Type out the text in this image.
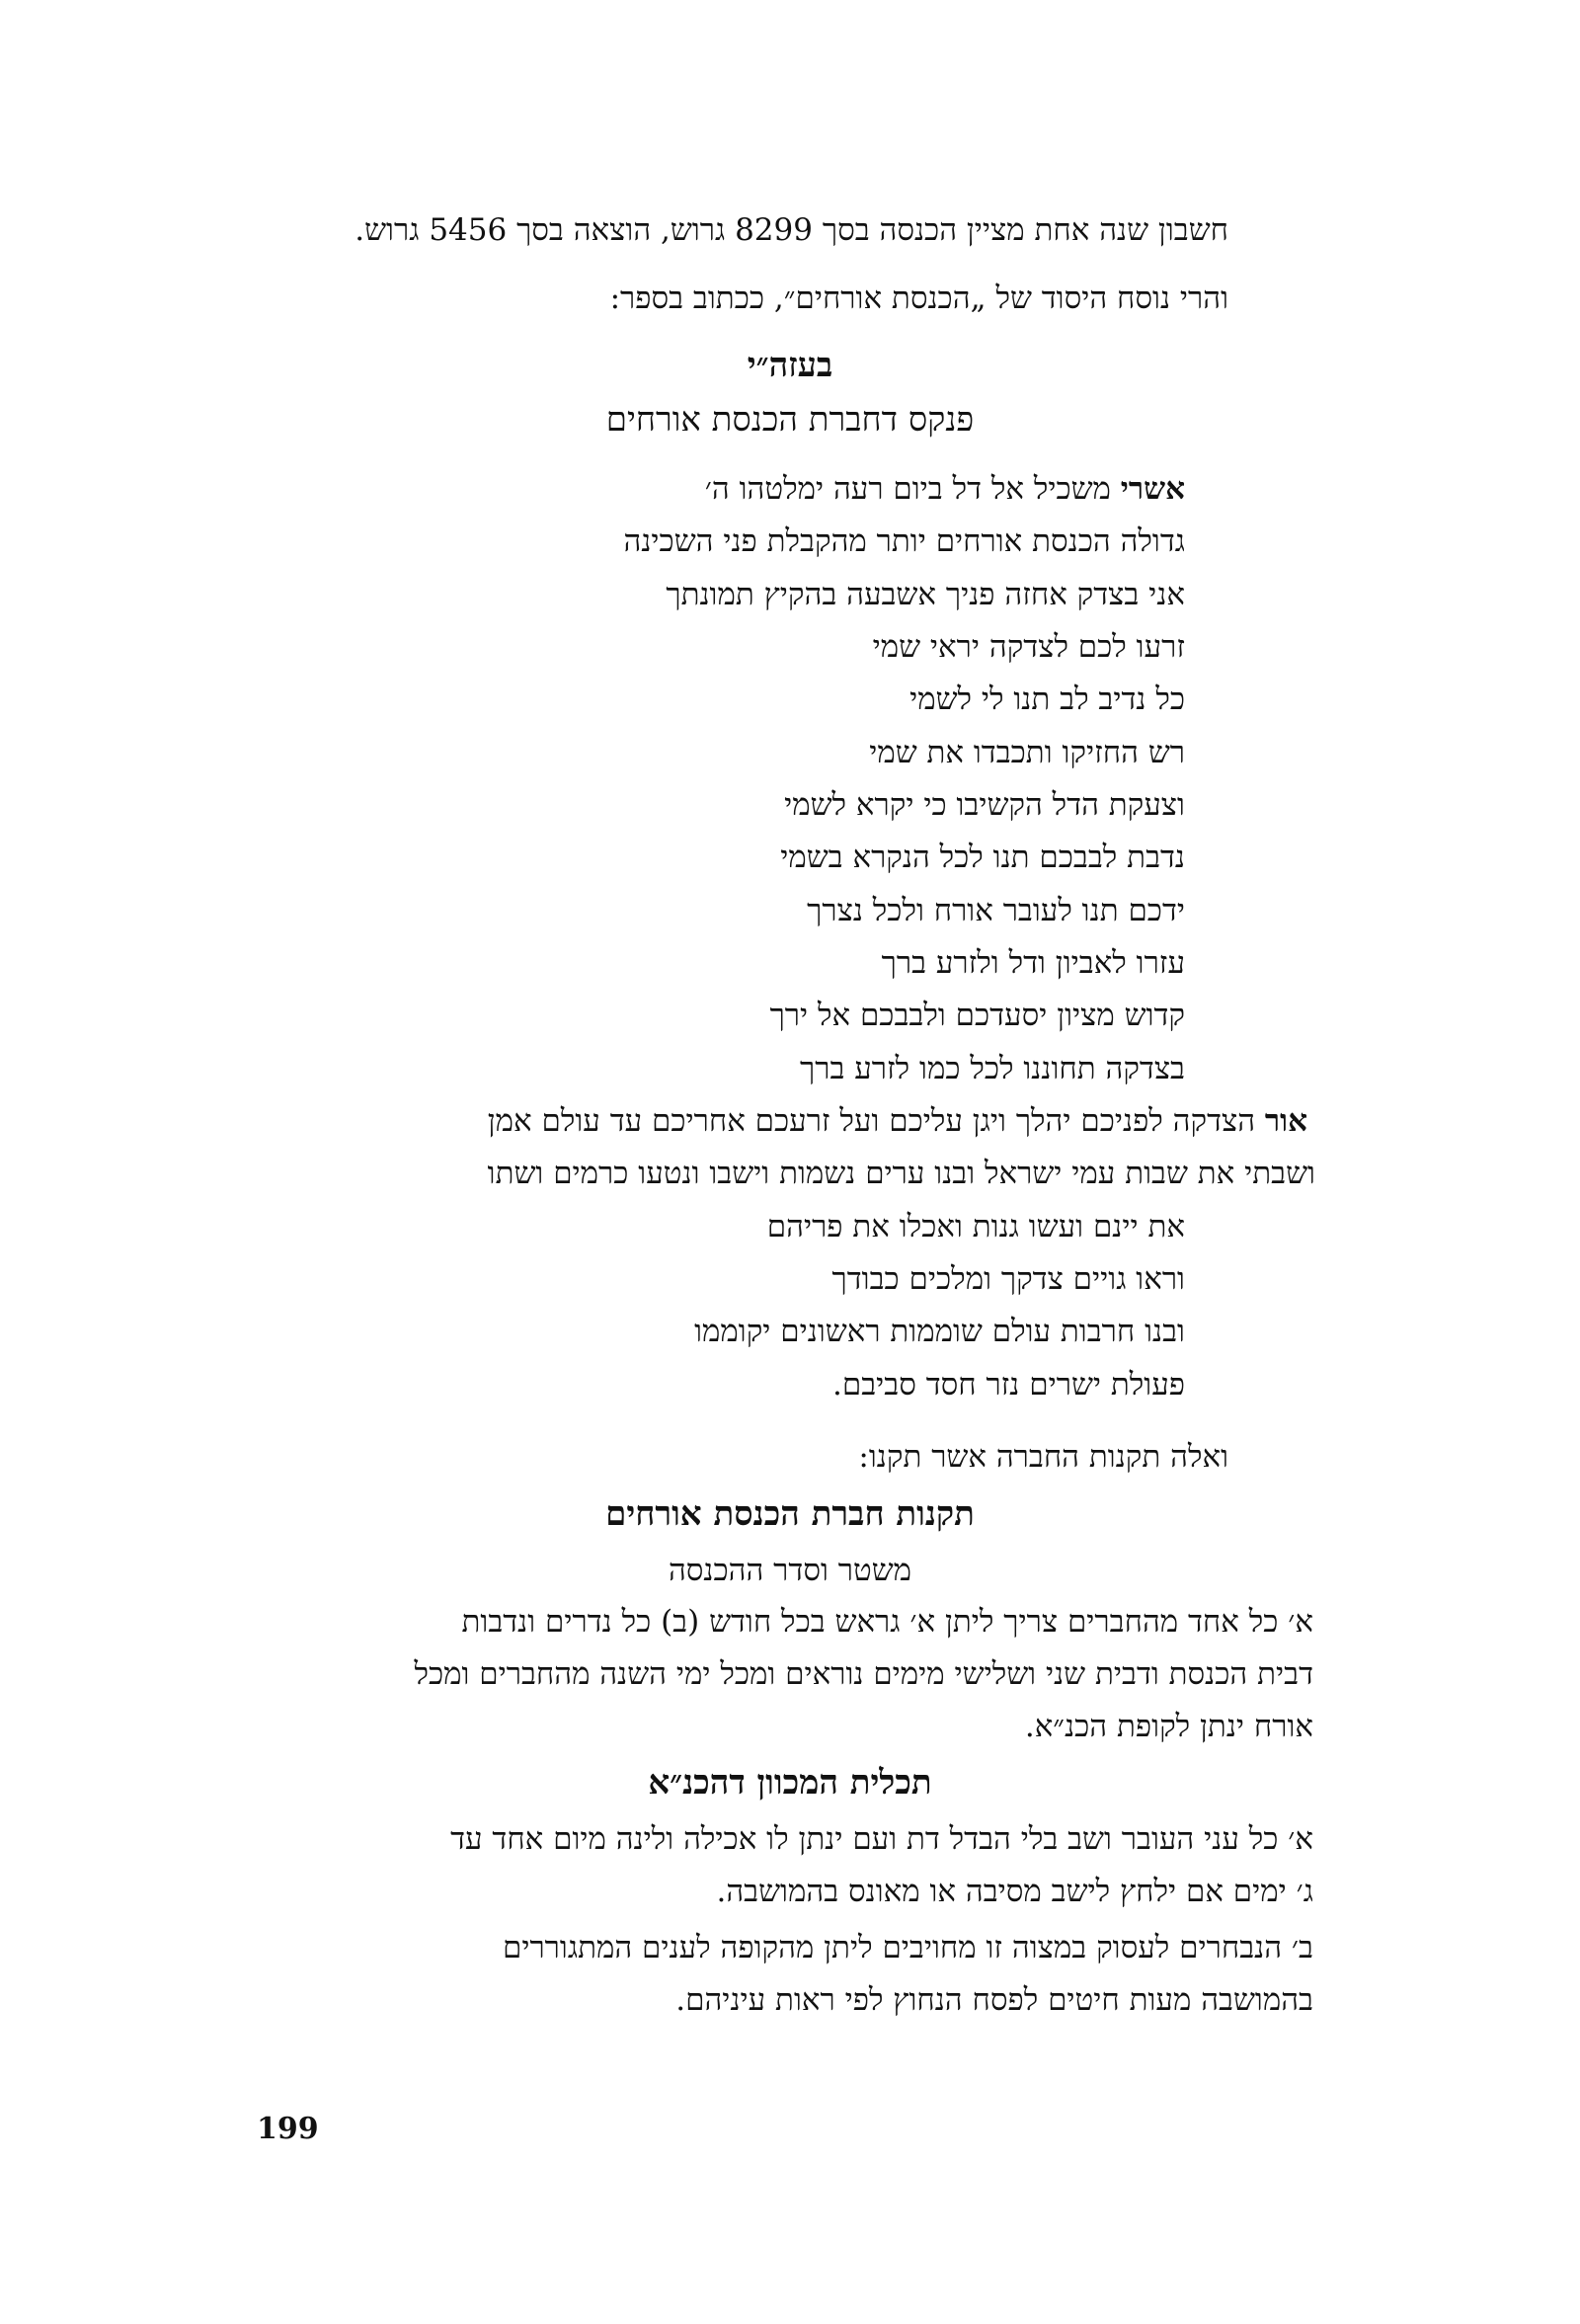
חשבון שנה אחת מציין הכנסה בסך 8299 גרוש, הוצאה בסך 5456 גרוש.
והרי נוסח היסוד של „הכנסת אורחים״, ככתוב בספר:
בעזה״י
פנקס דחברת הכנסת אורחים
אשרי משכיל אל דל ביום רעה ימלטהו ה׳
גדולה הכנסת אורחים יותר מהקבלת פני השכינה
אני בצדק אחזה פניך אשבעה בהקיץ תמונתך
זרעו לכם לצדקה יראי שמי
כל נדיב לב תנו לי לשמי
רש החזיקו ותכבדו את שמי
וצעקת הדל הקשיבו כי יקרא לשמי
נדבת לבבכם תנו לכל הנקרא בשמי
ידכם תנו לעובר אורח ולכל נצרך
עזרו לאביון ודל ולזרע ברך
קדוש מציון יסעדכם ולבבכם אל ירך
בצדקה תחוננו לכל כמו לזרע ברך
אור הצדקה לפניכם יהלך ויגן עליכם ועל זרעכם אחריכם עד עולם אמן
ושבתי את שבות עמי ישראל ובנו ערים נשמות וישבו ונטעו כרמים ושתו
את יינם ועשו גנות ואכלו את פריהם
וראו גויים צדקך ומלכים כבודך
ובנו חרבות עולם שוממות ראשונים יקוממו
פעולת ישרים נזר חסד סביבם.
ואלה תקנות החברה אשר תקנו:
תקנות חברת הכנסת אורחים
משטר וסדר ההכנסה
א׳ כל אחד מהחברים צריך ליתן א׳ גראש בכל חודש (ב) כל נדרים ונדבות
דבית הכנסת ודבית שני ושלישי מימים נוראים ומכל ימי השנה מהחברים ומכל
אורח ינתן לקופת הכנ״א.
תכלית המכוון דהכנ״א
א׳ כל עני העובר ושב בלי הבדל דת ועם ינתן לו אכילה ולינה מיום אחד עד
ג׳ ימים אם ילחץ לישב מסיבה או מאונס בהמושבה.
ב׳ הנבחרים לעסוק במצוה זו מחויבים ליתן מהקופה לענים המתגוררים
בהמושבה מעות חיטים לפסח הנחוץ לפי ראות עיניהם.
199
